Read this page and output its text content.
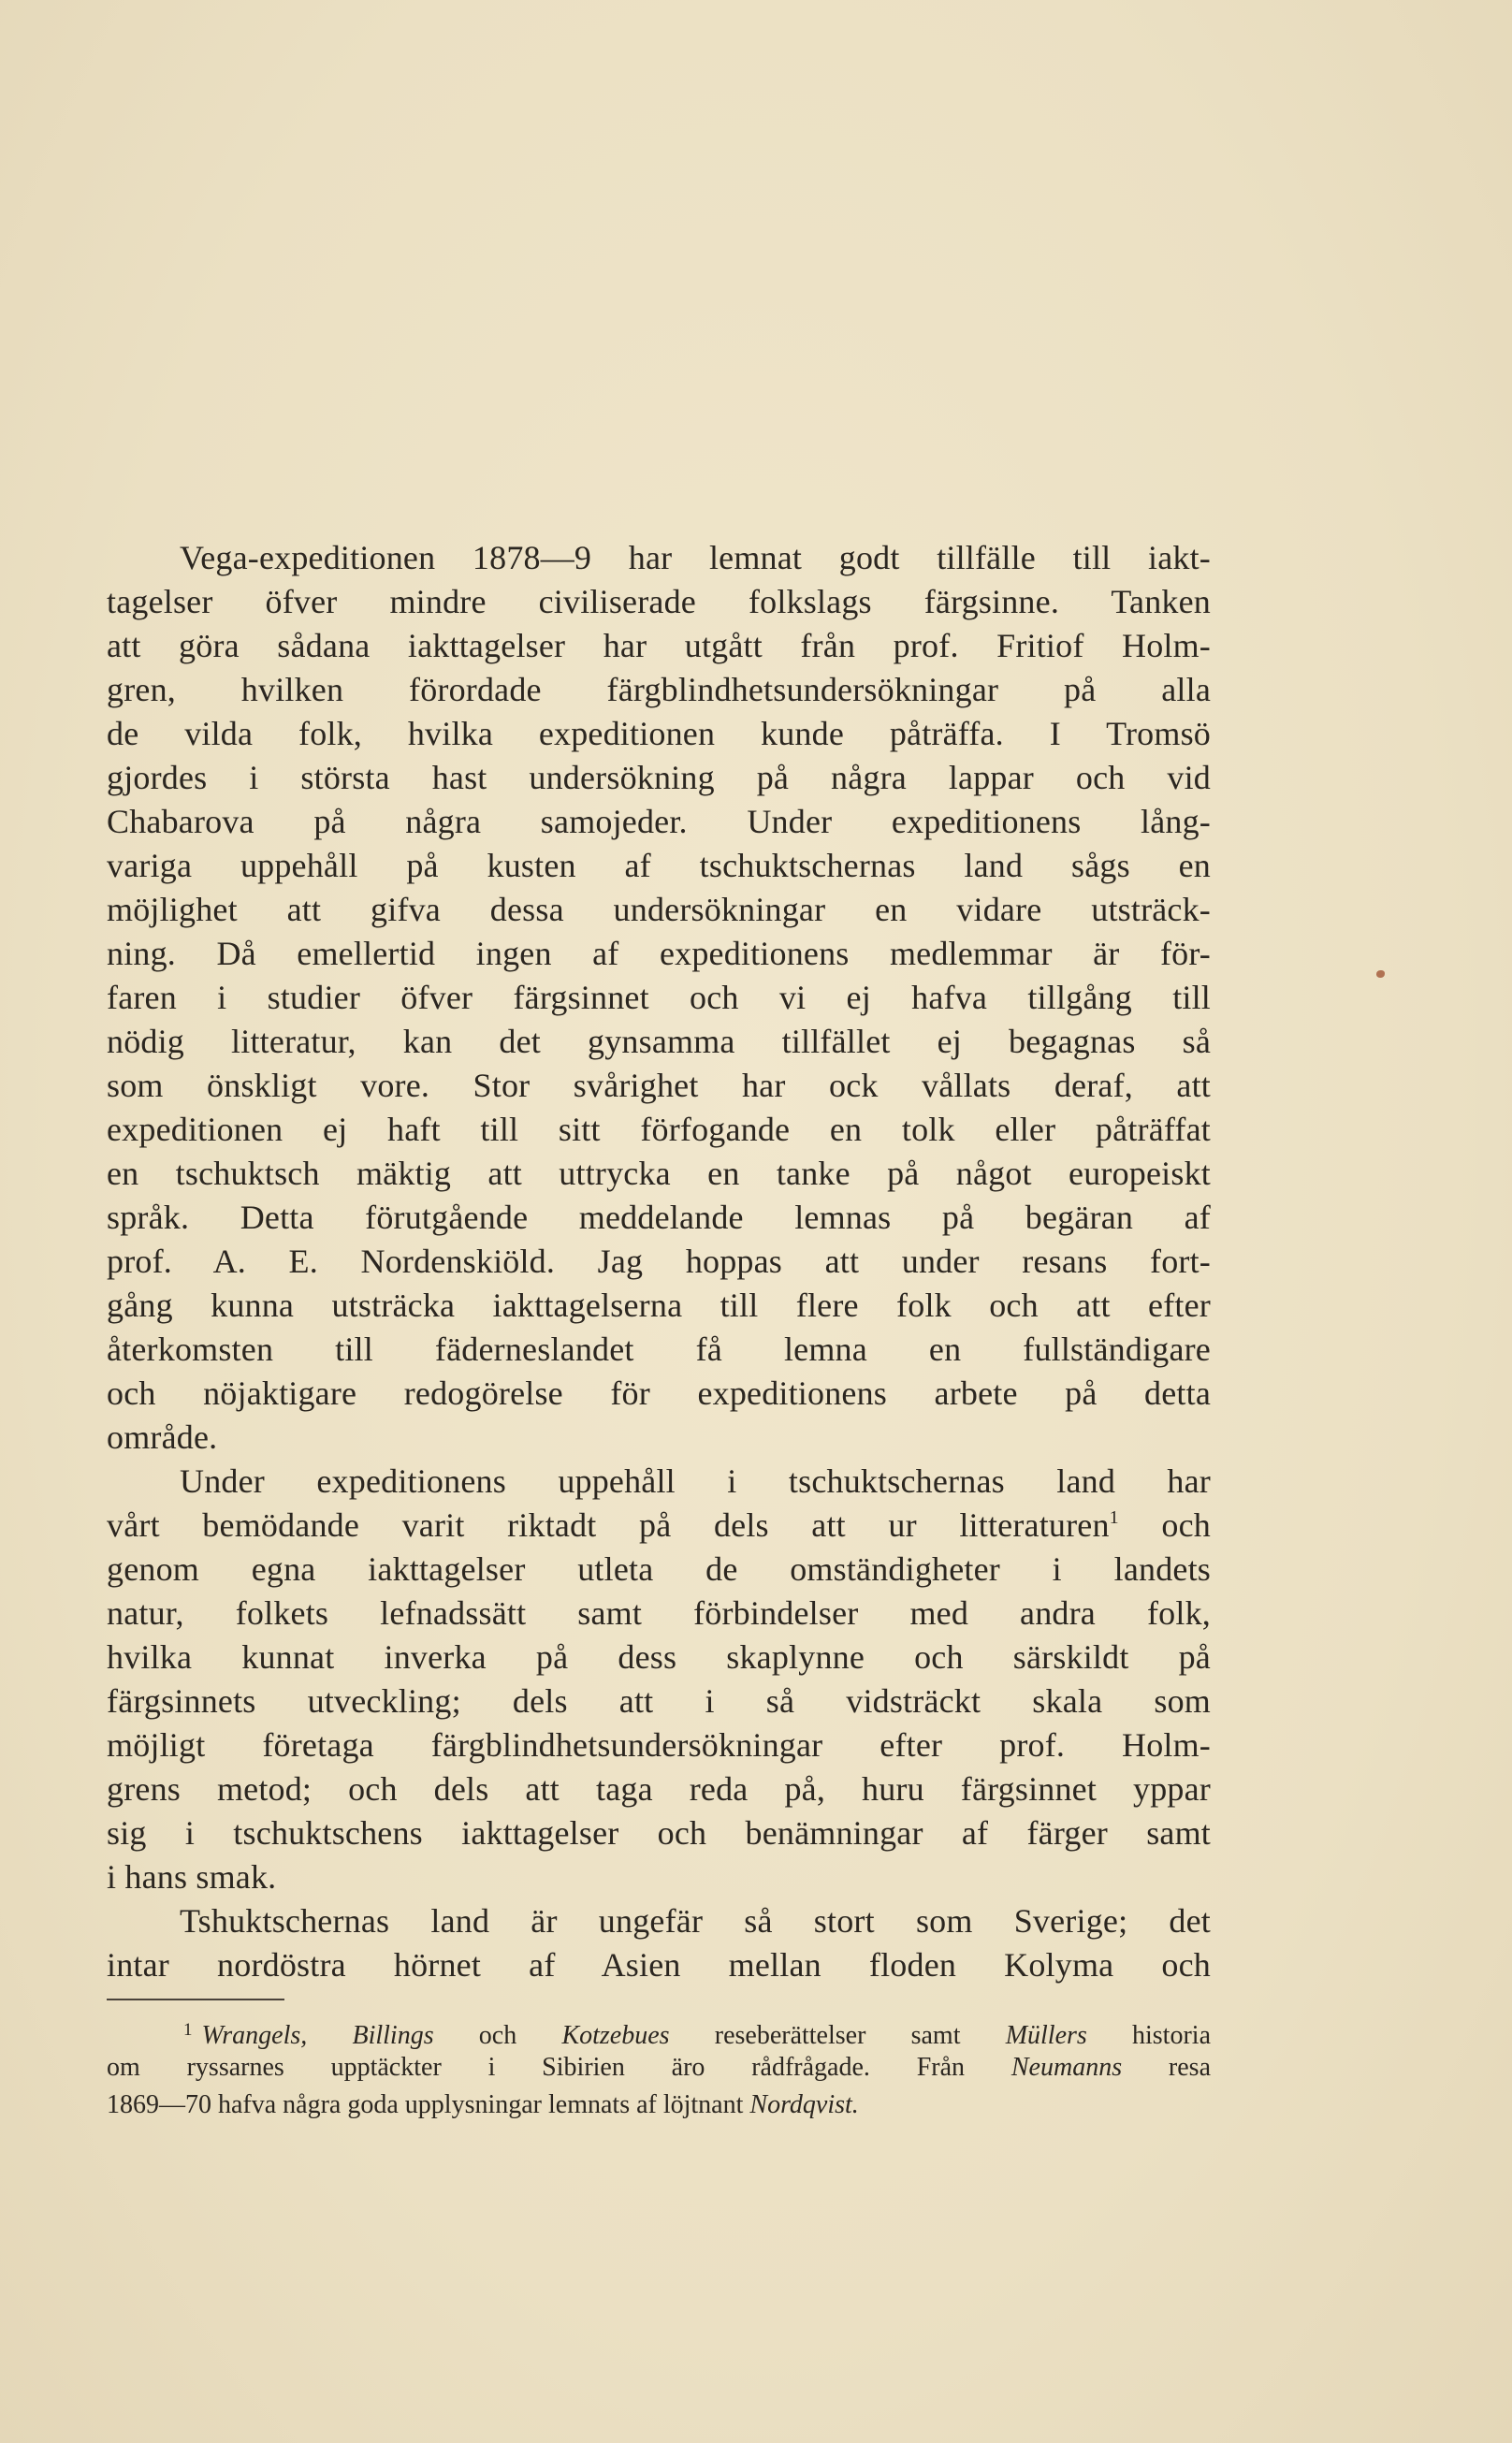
Vega-expeditionen 1878—9 har lemnat godt tillfälle till iakt-
tagelser öfver mindre civiliserade folkslags färgsinne. Tanken
att göra sådana iakttagelser har utgått från prof. Fritiof Holm-
gren, hvilken förordade färgblindhetsundersökningar på alla
de vilda folk, hvilka expeditionen kunde påträffa. I Tromsö
gjordes i största hast undersökning på några lappar och vid
Chabarova på några samojeder. Under expeditionens lång-
variga uppehåll på kusten af tschuktschernas land sågs en
möjlighet att gifva dessa undersökningar en vidare utsträck-
ning. Då emellertid ingen af expeditionens medlemmar är för-
faren i studier öfver färgsinnet och vi ej hafva tillgång till
nödig litteratur, kan det gynsamma tillfället ej begagnas så
som önskligt vore. Stor svårighet har ock vållats deraf, att
expeditionen ej haft till sitt förfogande en tolk eller påträffat
en tschuktsch mäktig att uttrycka en tanke på något europeiskt
språk. Detta förutgående meddelande lemnas på begäran af
prof. A. E. Nordenskiöld. Jag hoppas att under resans fort-
gång kunna utsträcka iakttagelserna till flere folk och att efter
återkomsten till fäderneslandet få lemna en fullständigare
och nöjaktigare redogörelse för expeditionens arbete på detta
område.
Under expeditionens uppehåll i tschuktschernas land har
vårt bemödande varit riktadt på dels att ur litteraturen$^1$ och
genom egna iakttagelser utleta de omständigheter i landets
natur, folkets lefnadssätt samt förbindelser med andra folk,
hvilka kunnat inverka på dess skaplynne och särskildt på
färgsinnets utveckling; dels att i så vidsträckt skala som
möjligt företaga färgblindhetsundersökningar efter prof. Holm-
grens metod; och dels att taga reda på, huru färgsinnet yppar
sig i tschuktschens iakttagelser och benämningar af färger samt
i hans smak.
Tshuktschernas land är ungefär så stort som Sverige; det
intar nordöstra hörnet af Asien mellan floden Kolyma och
$^1$ Wrangels, Billings och Kotzebues reseberättelser samt Müllers historia
om ryssarnes upptäckter i Sibirien äro rådfrågade. Från Neumanns resa
1869—70 hafva några goda upplysningar lemnats af löjtnant Nordqvist.
